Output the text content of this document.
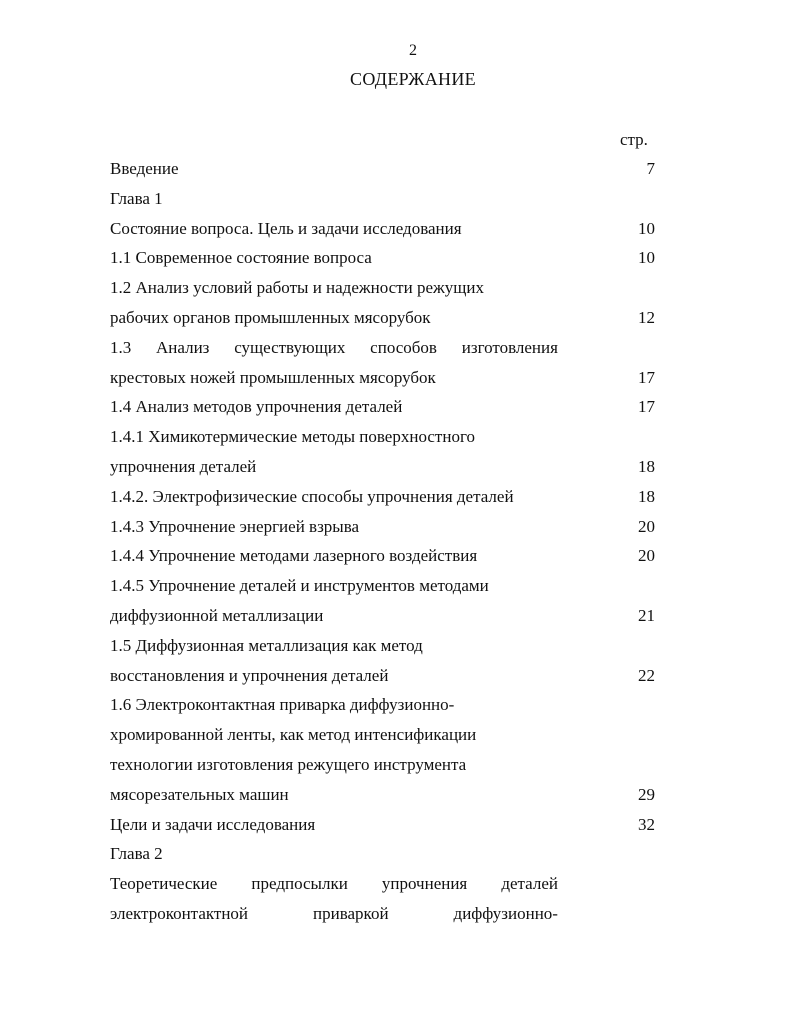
2
СОДЕРЖАНИЕ
стр.
Введение	7
Глава 1
Состояние вопроса. Цель и задачи исследования	10
1.1 Современное состояние вопроса	10
1.2 Анализ условий работы и надежности режущих
рабочих органов промышленных мясорубок	12
1.3 Анализ существующих способов изготовления
крестовых ножей промышленных мясорубок	17
1.4 Анализ методов упрочнения деталей	17
1.4.1 Химикотермические методы поверхностного
упрочнения деталей	18
1.4.2. Электрофизические способы упрочнения деталей	18
1.4.3 Упрочнение энергией взрыва	20
1.4.4 Упрочнение методами лазерного воздействия	20
1.4.5 Упрочнение деталей и инструментов методами
диффузионной металлизации	21
1.5 Диффузионная металлизация как метод
восстановления и упрочнения деталей	22
1.6 Электроконтактная приварка диффузионно-
хромированной ленты, как метод интенсификации
технологии изготовления режущего инструмента
мясорезательных машин	29
Цели и задачи исследования	32
Глава 2
Теоретические предпосылки упрочнения деталей
электроконтактной	приваркой	диффузионно-
